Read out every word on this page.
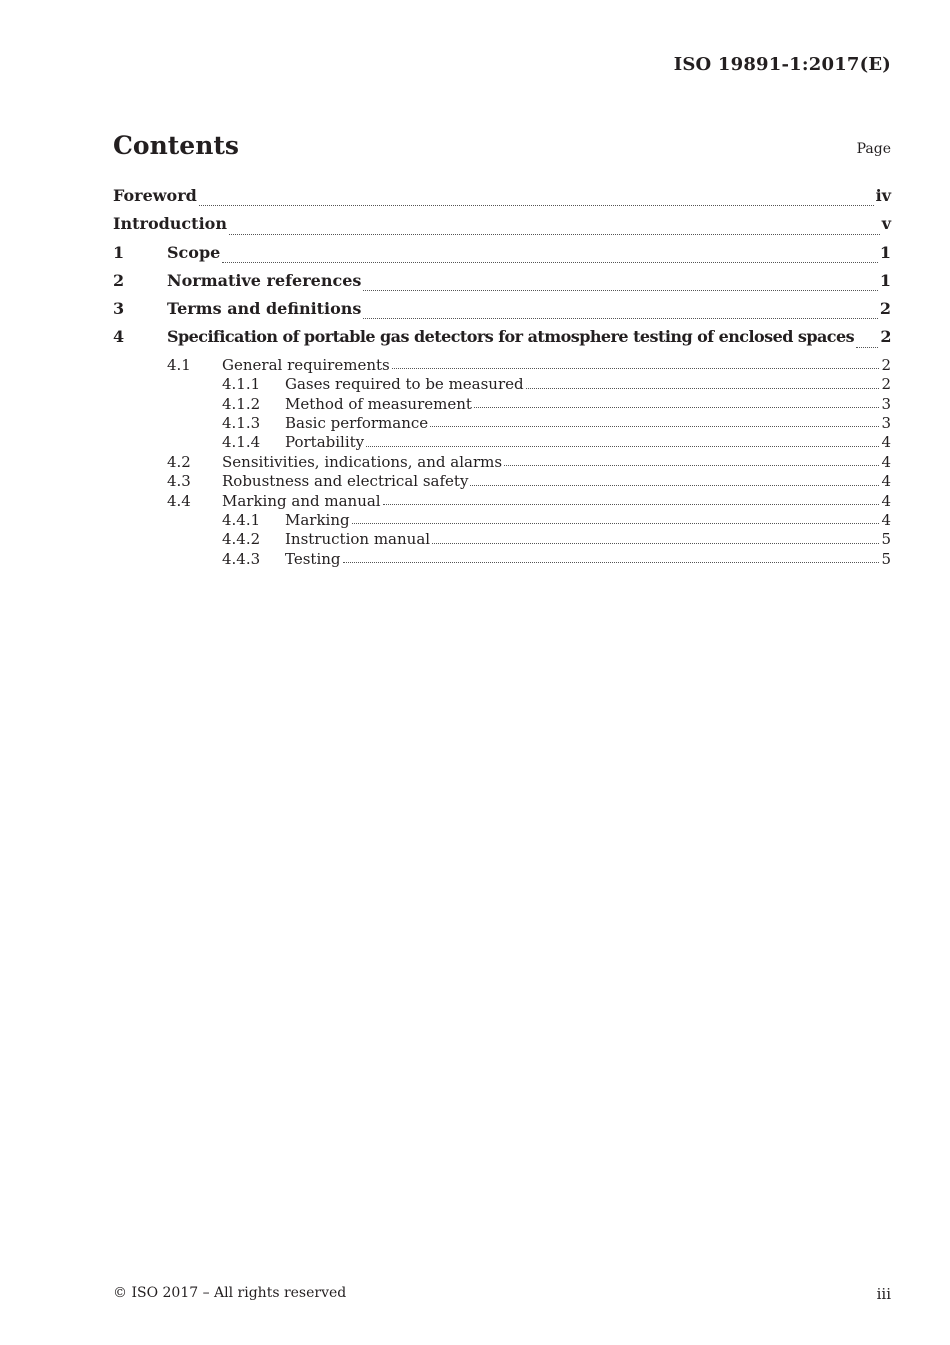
ISO 19891-1:2017(E)
Contents	Page
Foreword	iv
Introduction	v
1	Scope	1
2	Normative references	1
3	Terms and definitions	2
4	Specification of portable gas detectors for atmosphere testing of enclosed spaces 2
4.1	General requirements	2
4.1.1	Gases required to be measured	2
4.1.2	Method of measurement	3
4.1.3	Basic performance	3
4.1.4	Portability	4
4.2	Sensitivities, indications, and alarms	4
4.3	Robustness and electrical safety	4
4.4	Marking and manual	4
4.4.1	Marking	4
4.4.2	Instruction manual	5
4.4.3	Testing	5
© ISO 2017 – All rights reserved	iii
